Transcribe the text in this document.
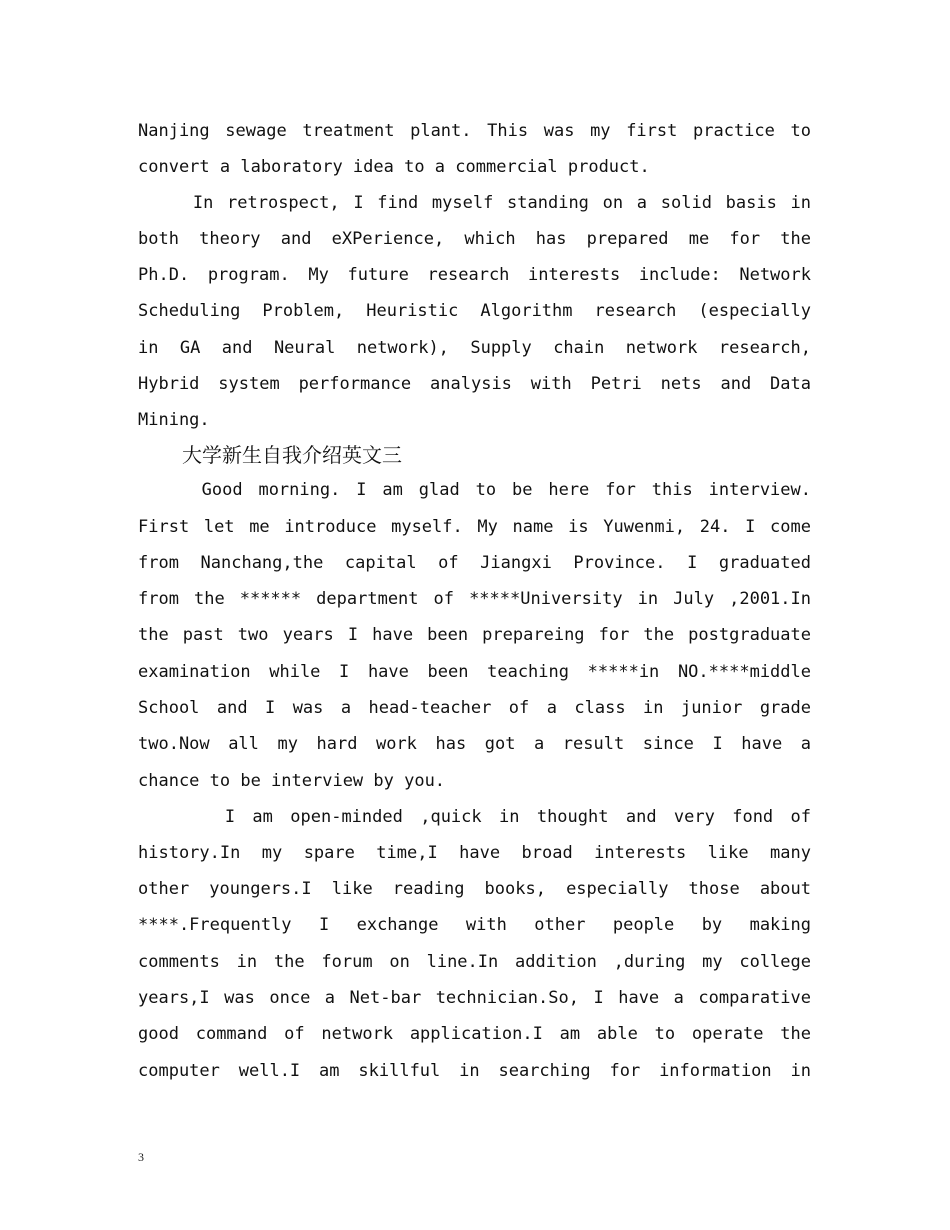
Nanjing sewage treatment plant. This was my first practice to
convert a laboratory idea to a commercial product.
In retrospect, I find myself standing on a solid basis in
both theory and eXPerience, which has prepared me for the
Ph.D. program. My future research interests include: Network
Scheduling Problem, Heuristic Algorithm research (especially
in GA and Neural network), Supply chain network research,
Hybrid system performance analysis with Petri nets and Data
Mining.
大学新生自我介绍英文三
Good morning. I am glad to be here for this interview.
First let me introduce myself. My name is Yuwenmi, 24. I come
from Nanchang,the capital of Jiangxi Province. I graduated
from the ****** department of *****University in July ,2001.In
the past two years I have been prepareing for the postgraduate
examination while I have been teaching *****in NO.****middle
School and I was a head-teacher of a class in junior grade
two.Now all my hard work has got a result since I have a
chance to be interview by you.
I am open-minded ,quick in thought and very fond of
history.In my spare time,I have broad interests like many
other youngers.I like reading books, especially those about
****.Frequently I exchange with other people by making
comments in the forum on line.In addition ,during my college
years,I was once a Net-bar technician.So, I have a comparative
good command of network application.I am able to operate the
computer well.I am skillful in searching for information in
3
